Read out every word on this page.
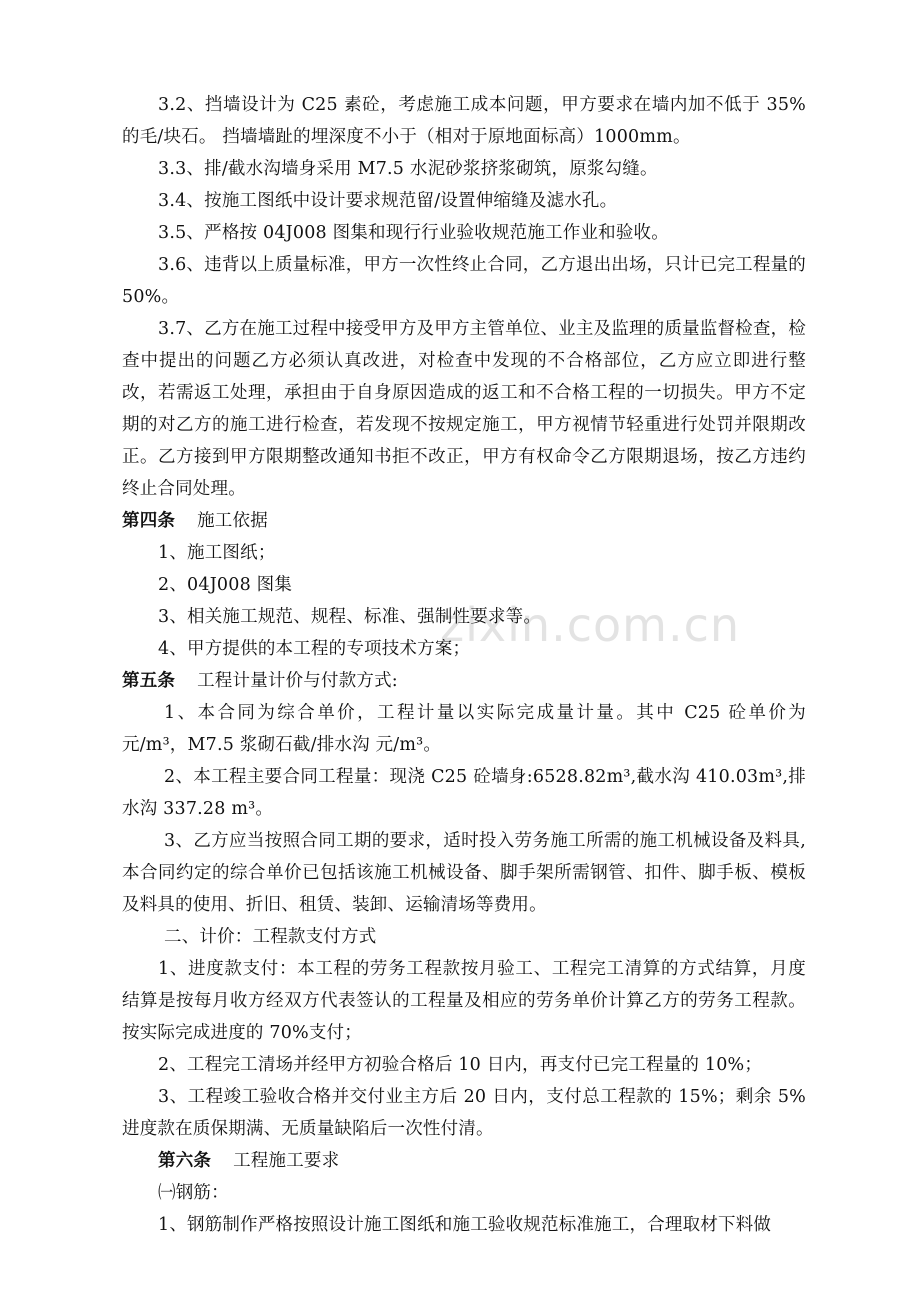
zixin.com.cn

3.2、挡墙设计为 C25 素砼，考虑施工成本问题，甲方要求在墙内加不低于 35%的毛/块石。 挡墙墙趾的埋深度不小于（相对于原地面标高）1000mm。

3.3、排/截水沟墙身采用 M7.5 水泥砂浆挤浆砌筑，原浆勾缝。

3.4、按施工图纸中设计要求规范留/设置伸缩缝及滤水孔。

3.5、严格按 04J008 图集和现行行业验收规范施工作业和验收。

3.6、违背以上质量标准，甲方一次性终止合同，乙方退出出场，只计已完工程量的 50%。

3.7、乙方在施工过程中接受甲方及甲方主管单位、业主及监理的质量监督检查，检查中提出的问题乙方必须认真改进，对检查中发现的不合格部位，乙方应立即进行整改，若需返工处理，承担由于自身原因造成的返工和不合格工程的一切损失。甲方不定期的对乙方的施工进行检查，若发现不按规定施工，甲方视情节轻重进行处罚并限期改正。乙方接到甲方限期整改通知书拒不改正，甲方有权命令乙方限期退场，按乙方违约终止合同处理。

第四条 施工依据

1、施工图纸；

2、04J008 图集

3、相关施工规范、规程、标准、强制性要求等。

4、甲方提供的本工程的专项技术方案；

第五条 工程计量计价与付款方式:

1、本合同为综合单价，工程计量以实际完成量计量。其中 C25 砼单价为 元/m³，M7.5 浆砌石截/排水沟 元/m³。

2、本工程主要合同工程量：现浇 C25 砼墙身:6528.82m³,截水沟 410.03m³,排水沟 337.28 m³。

3、乙方应当按照合同工期的要求，适时投入劳务施工所需的施工机械设备及料具,本合同约定的综合单价已包括该施工机械设备、脚手架所需钢管、扣件、脚手板、模板及料具的使用、折旧、租赁、装卸、运输清场等费用。

二、计价：工程款支付方式

1、进度款支付：本工程的劳务工程款按月验工、工程完工清算的方式结算，月度结算是按每月收方经双方代表签认的工程量及相应的劳务单价计算乙方的劳务工程款。按实际完成进度的 70%支付；

2、工程完工清场并经甲方初验合格后 10 日内，再支付已完工程量的 10%；

3、工程竣工验收合格并交付业主方后 20 日内，支付总工程款的 15%；剩余 5%进度款在质保期满、无质量缺陷后一次性付清。

第六条 工程施工要求

㈠钢筋：

1、钢筋制作严格按照设计施工图纸和施工验收规范标准施工，合理取材下料做
